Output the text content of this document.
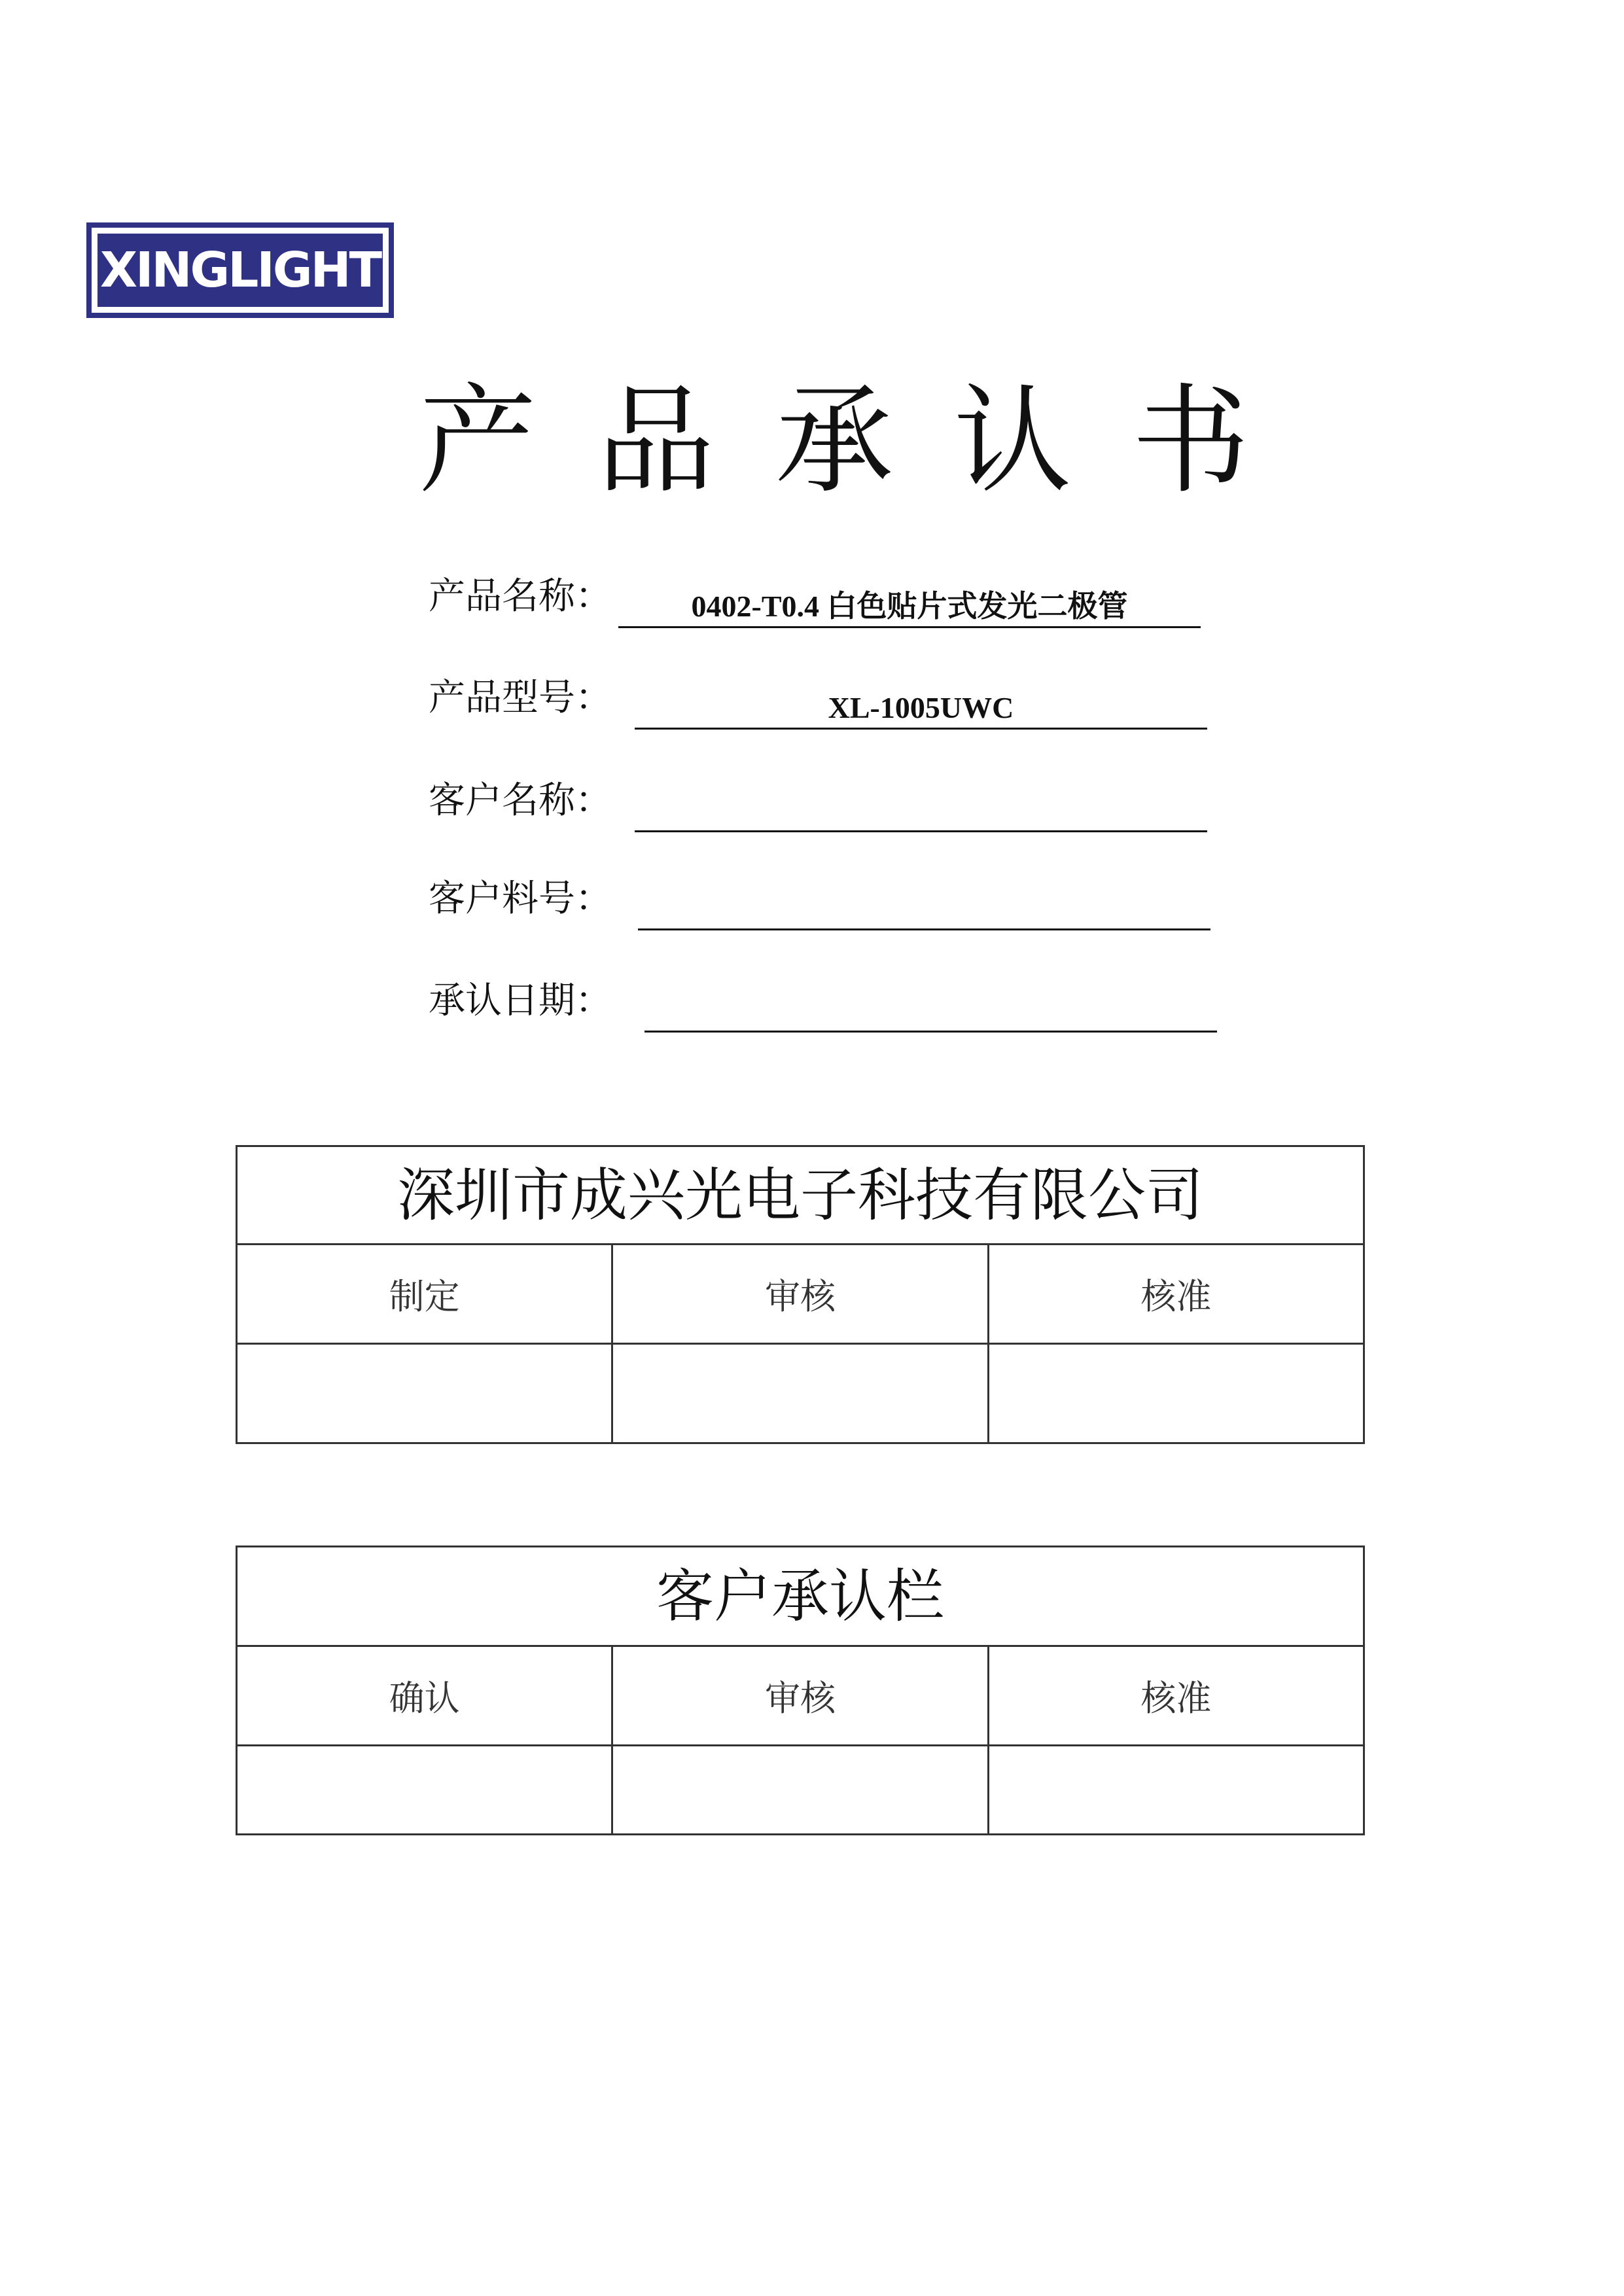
XINGLIGHT
产 品 承 认 书
产品名称：	0402-T0.4 白色贴片式发光二极管
产品型号：	XL-1005UWC
客户名称：
客户料号：
承认日期：
深圳市成兴光电子科技有限公司		
制定	审核	核准

客户承认栏		
确认	审核	核准
